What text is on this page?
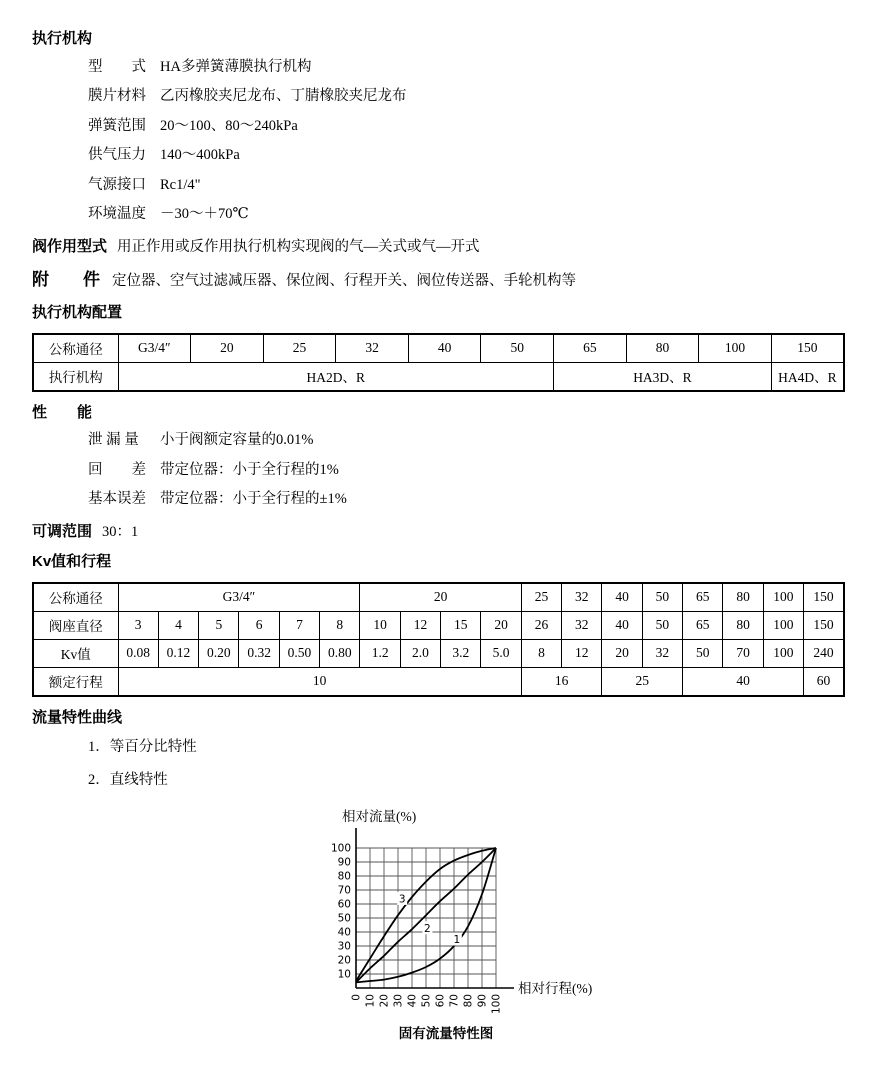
执行机构
型　　式 HA多弹簧薄膜执行机构
膜片材料 乙丙橡胶夹尼龙布、丁腈橡胶夹尼龙布
弹簧范围 20～100、80～240kPa
供气压力 140～400kPa
气源接口 Rc1/4"
环境温度 －30～＋70℃
阀作用型式 用正作用或反作用执行机构实现阀的气—关式或气—开式
附　　件 定位器、空气过滤减压器、保位阀、行程开关、阀位传送器、手轮机构等
执行机构配置
公称通径	G3/4″	20	25	32	40	50	65	80	100	150
执行机构	HA2D、R						HA3D、R			HA4D、R
性　　能
泄 漏 量 小于阀额定容量的0.01%
回　　差 带定位器：小于全行程的1%
基本误差 带定位器：小于全行程的±1%
可调范围 30：1
Kv值和行程
公称通径	G3/4″						20				25	32	40	50	65	80	100	150
阀座直径	3	4	5	6	7	8	10	12	15	20	26	32	40	50	65	80	100	150
Kv值	0.08	0.12	0.20	0.32	0.50	0.80	1.2	2.0	3.2	5.0	8	12	20	32	50	70	100	240
额定行程	10										16		25		40			60
流量特性曲线
1．等百分比特性
2．直线特性
相对流量(%)
相对行程(%)
固有流量特性图
100
90
80
70
60
50
40
30
20
10
0 10 20 30 40 50 60 70 80 90 100
1
2
3
